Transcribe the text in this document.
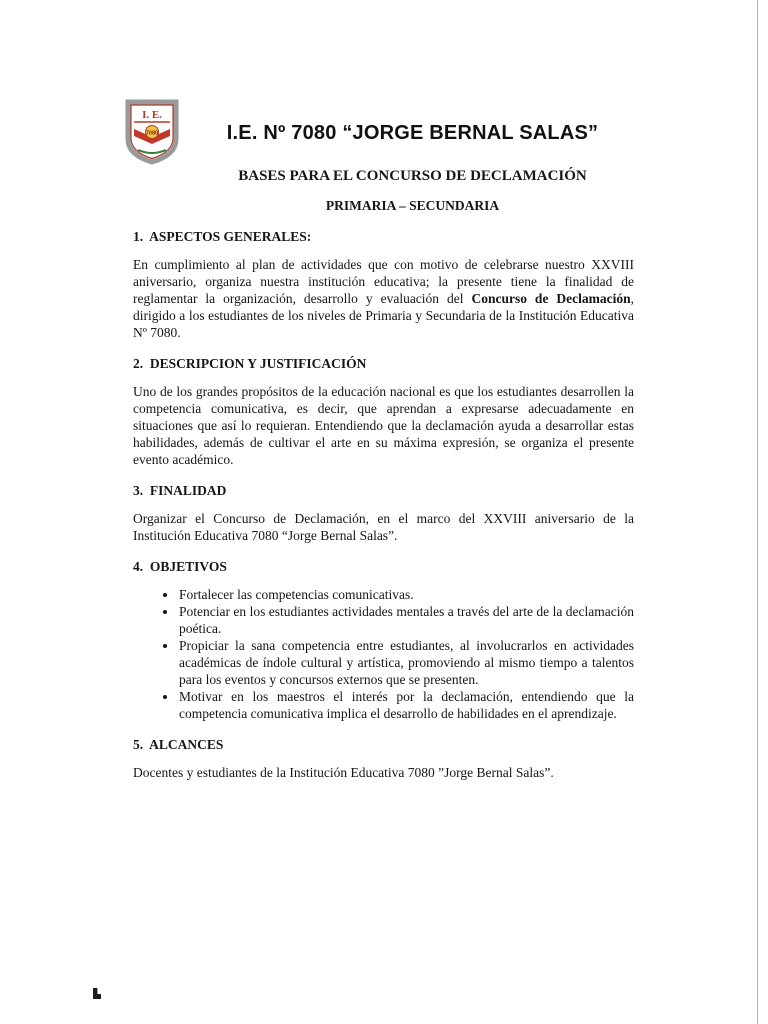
I. E.
7080	I.E. Nº 7080 “JORGE BERNAL SALAS”
BASES PARA EL CONCURSO DE DECLAMACIÓN
PRIMARIA – SECUNDARIA
1.  ASPECTOS GENERALES:

En cumplimiento al plan de actividades que con motivo de celebrarse nuestro XXVIII aniversario, organiza nuestra institución educativa; la presente tiene la finalidad de reglamentar la organización, desarrollo y evaluación del Concurso de Declamación, dirigido a los estudiantes de los niveles de Primaria y Secundaria de la Institución Educativa Nº 7080.

2.  DESCRIPCION Y JUSTIFICACIÓN

Uno de los grandes propósitos de la educación nacional es que los estudiantes desarrollen la competencia comunicativa, es decir, que aprendan a expresarse adecuadamente en situaciones que así lo requieran. Entendiendo que la declamación ayuda a desarrollar estas habilidades, además de cultivar el arte en su máxima expresión, se organiza el presente evento académico.

3.  FINALIDAD

Organizar el Concurso de Declamación, en el marco del XXVIII aniversario de la Institución Educativa 7080 “Jorge Bernal Salas”.

4.  OBJETIVOS
• Fortalecer las competencias comunicativas.
• Potenciar en los estudiantes actividades mentales a través del arte de la declamación poética.
• Propiciar la sana competencia entre estudiantes, al involucrarlos en actividades académicas de índole cultural y artística, promoviendo al mismo tiempo a talentos para los eventos y concursos externos que se presenten.
• Motivar en los maestros el interés por la declamación, entendiendo que la competencia comunicativa implica el desarrollo de habilidades en el aprendizaje.
5.  ALCANCES

Docentes y estudiantes de la Institución Educativa 7080 ”Jorge Bernal Salas”.
